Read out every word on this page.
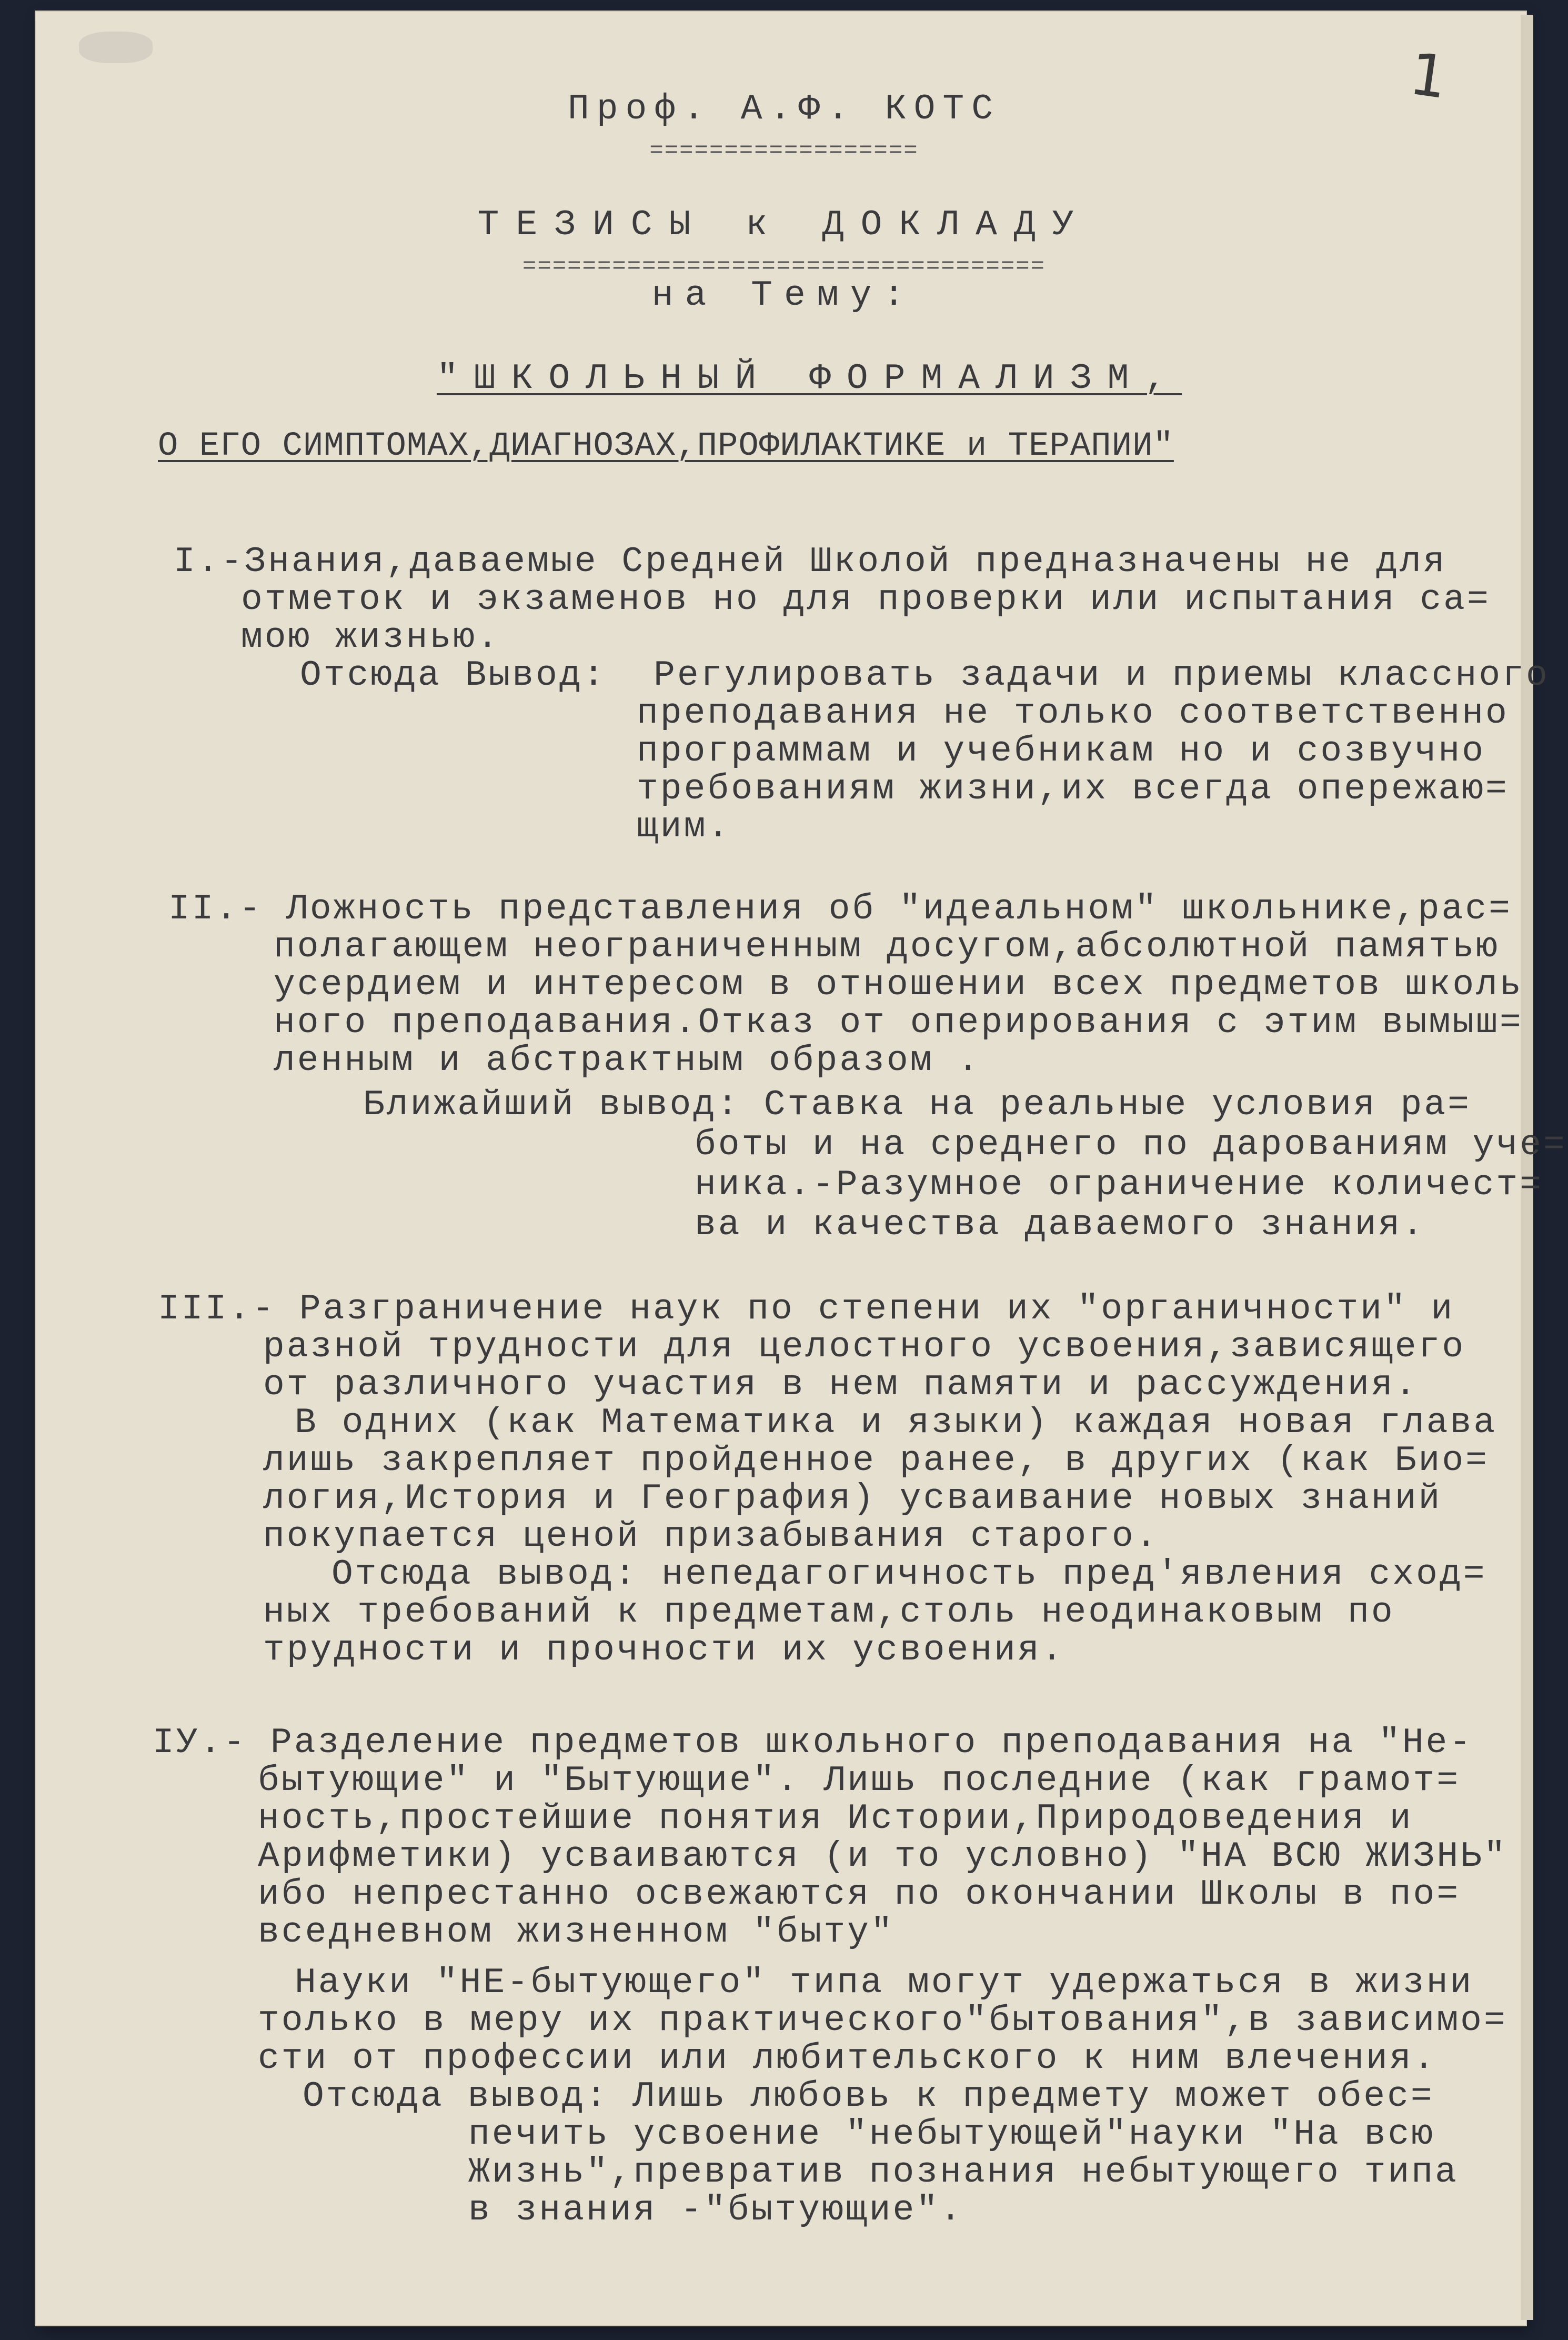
1
Проф. А.Ф. КОТС
==================
ТЕЗИСЫ к ДОКЛАДУ
===================================
на Тему:
"ШКОЛЬНЫЙ ФОРМАЛИЗМ,
О ЕГО СИМПТОМАХ,ДИАГНОЗАХ,ПРОФИЛАКТИКЕ и ТЕРАПИИ"
I.-Знания,даваемые Средней Школой предназначены не для
отметок и экзаменов но для проверки или испытания са=
мою жизнью.
Отсюда Вывод:  Регулировать задачи и приемы классного
преподавания не только соответственно
программам и учебникам но и созвучно
требованиям жизни,их всегда опережаю=
щим.
II.- Ложность представления об "идеальном" школьнике,рас=
полагающем неограниченным досугом,абсолютной памятью
усердием и интересом в отношении всех предметов школь
ного преподавания.Отказ от оперирования с этим вымыш=
ленным и абстрактным образом .
Ближайший вывод: Ставка на реальные условия ра=
боты и на среднего по дарованиям уче=
ника.-Разумное ограничение количест=
ва и качества даваемого знания.
III.- Разграничение наук по степени их "органичности" и
разной трудности для целостного усвоения,зависящего
от различного участия в нем памяти и рассуждения.
В одних (как Математика и языки) каждая новая глава
лишь закрепляет пройденное ранее, в других (как Био=
логия,История и География) усваивание новых знаний
покупается ценой призабывания старого.
Отсюда вывод: непедагогичность пред'явления сход=
ных требований к предметам,столь неодинаковым по
трудности и прочности их усвоения.
IУ.- Разделение предметов школьного преподавания на "Не-
бытующие" и "Бытующие". Лишь последние (как грамот=
ность,простейшие понятия Истории,Природоведения и
Арифметики) усваиваются (и то условно) "НА ВСЮ ЖИЗНЬ"
ибо непрестанно освежаются по окончании Школы в по=
вседневном жизненном "быту"
Науки "НЕ-бытующего" типа могут удержаться в жизни
только в меру их практического"бытования",в зависимо=
сти от профессии или любительского к ним влечения.
Отсюда вывод: Лишь любовь к предмету может обес=
печить усвоение "небытующей"науки "На всю
Жизнь",превратив познания небытующего типа
в знания -"бытующие".
